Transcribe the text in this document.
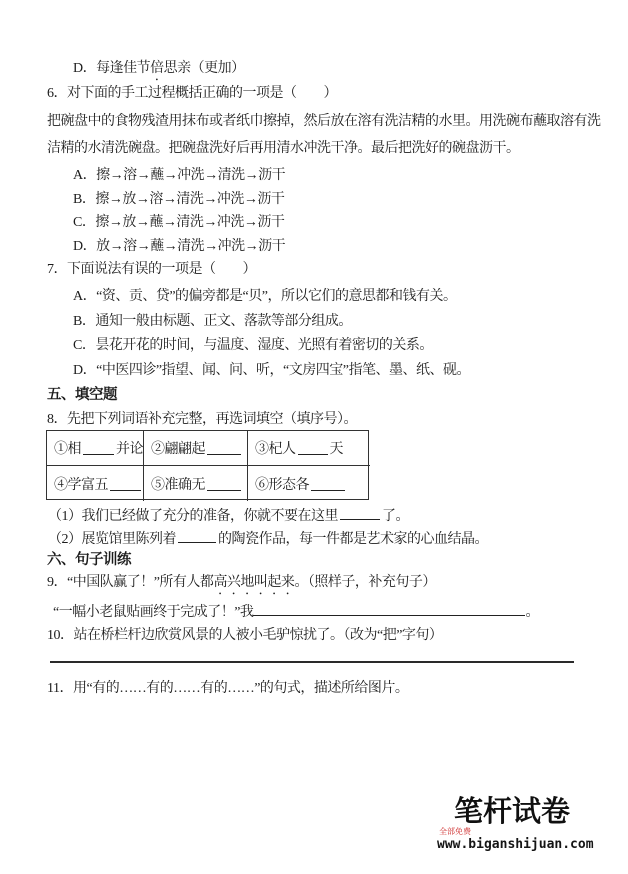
D．每逢佳节倍思亲（更加）
6．对下面的手工过程概括正确的一项是（　　）
把碗盘中的食物残渣用抹布或者纸巾擦掉，然后放在溶有洗洁精的水里。用洗碗布蘸取溶有洗
洁精的水清洗碗盘。把碗盘洗好后再用清水冲洗干净。最后把洗好的碗盘沥干。
A．擦→溶→蘸→冲洗→清洗→沥干
B．擦→放→溶→清洗→冲洗→沥干
C．擦→放→蘸→清洗→冲洗→沥干
D．放→溶→蘸→清洗→冲洗→沥干
7．下面说法有误的一项是（　　）
A．“资、贡、贷”的偏旁都是“贝”，所以它们的意思都和钱有关。
B．通知一般由标题、正文、落款等部分组成。
C．昙花开花的时间，与温度、湿度、光照有着密切的关系。
D．“中医四诊”指望、闻、问、听，“文房四宝”指笔、墨、纸、砚。
五、填空题
8．先把下列词语补充完整，再选词填空（填序号）。
①相	并论 ②翩翩起	③杞人 天
④学富五	⑤准确无	⑥形态各
（1）我们已经做了充分的准备，你就不要在这里	了。
（2）展览馆里陈列着	的陶瓷作品，每一件都是艺术家的心血结晶。
六、句子训练
9．“中国队赢了！”所有人都高兴地叫起来。（照样子，补充句子）
“一幅小老鼠贴画终于完成了！”我	。
10．站在桥栏杆边欣赏风景的人被小毛驴惊扰了。（改为“把”字句）
11．用“有的……有的……有的……”的句式，描述所给图片。
笔杆试卷
全部免费
www.biganshijuan.com
